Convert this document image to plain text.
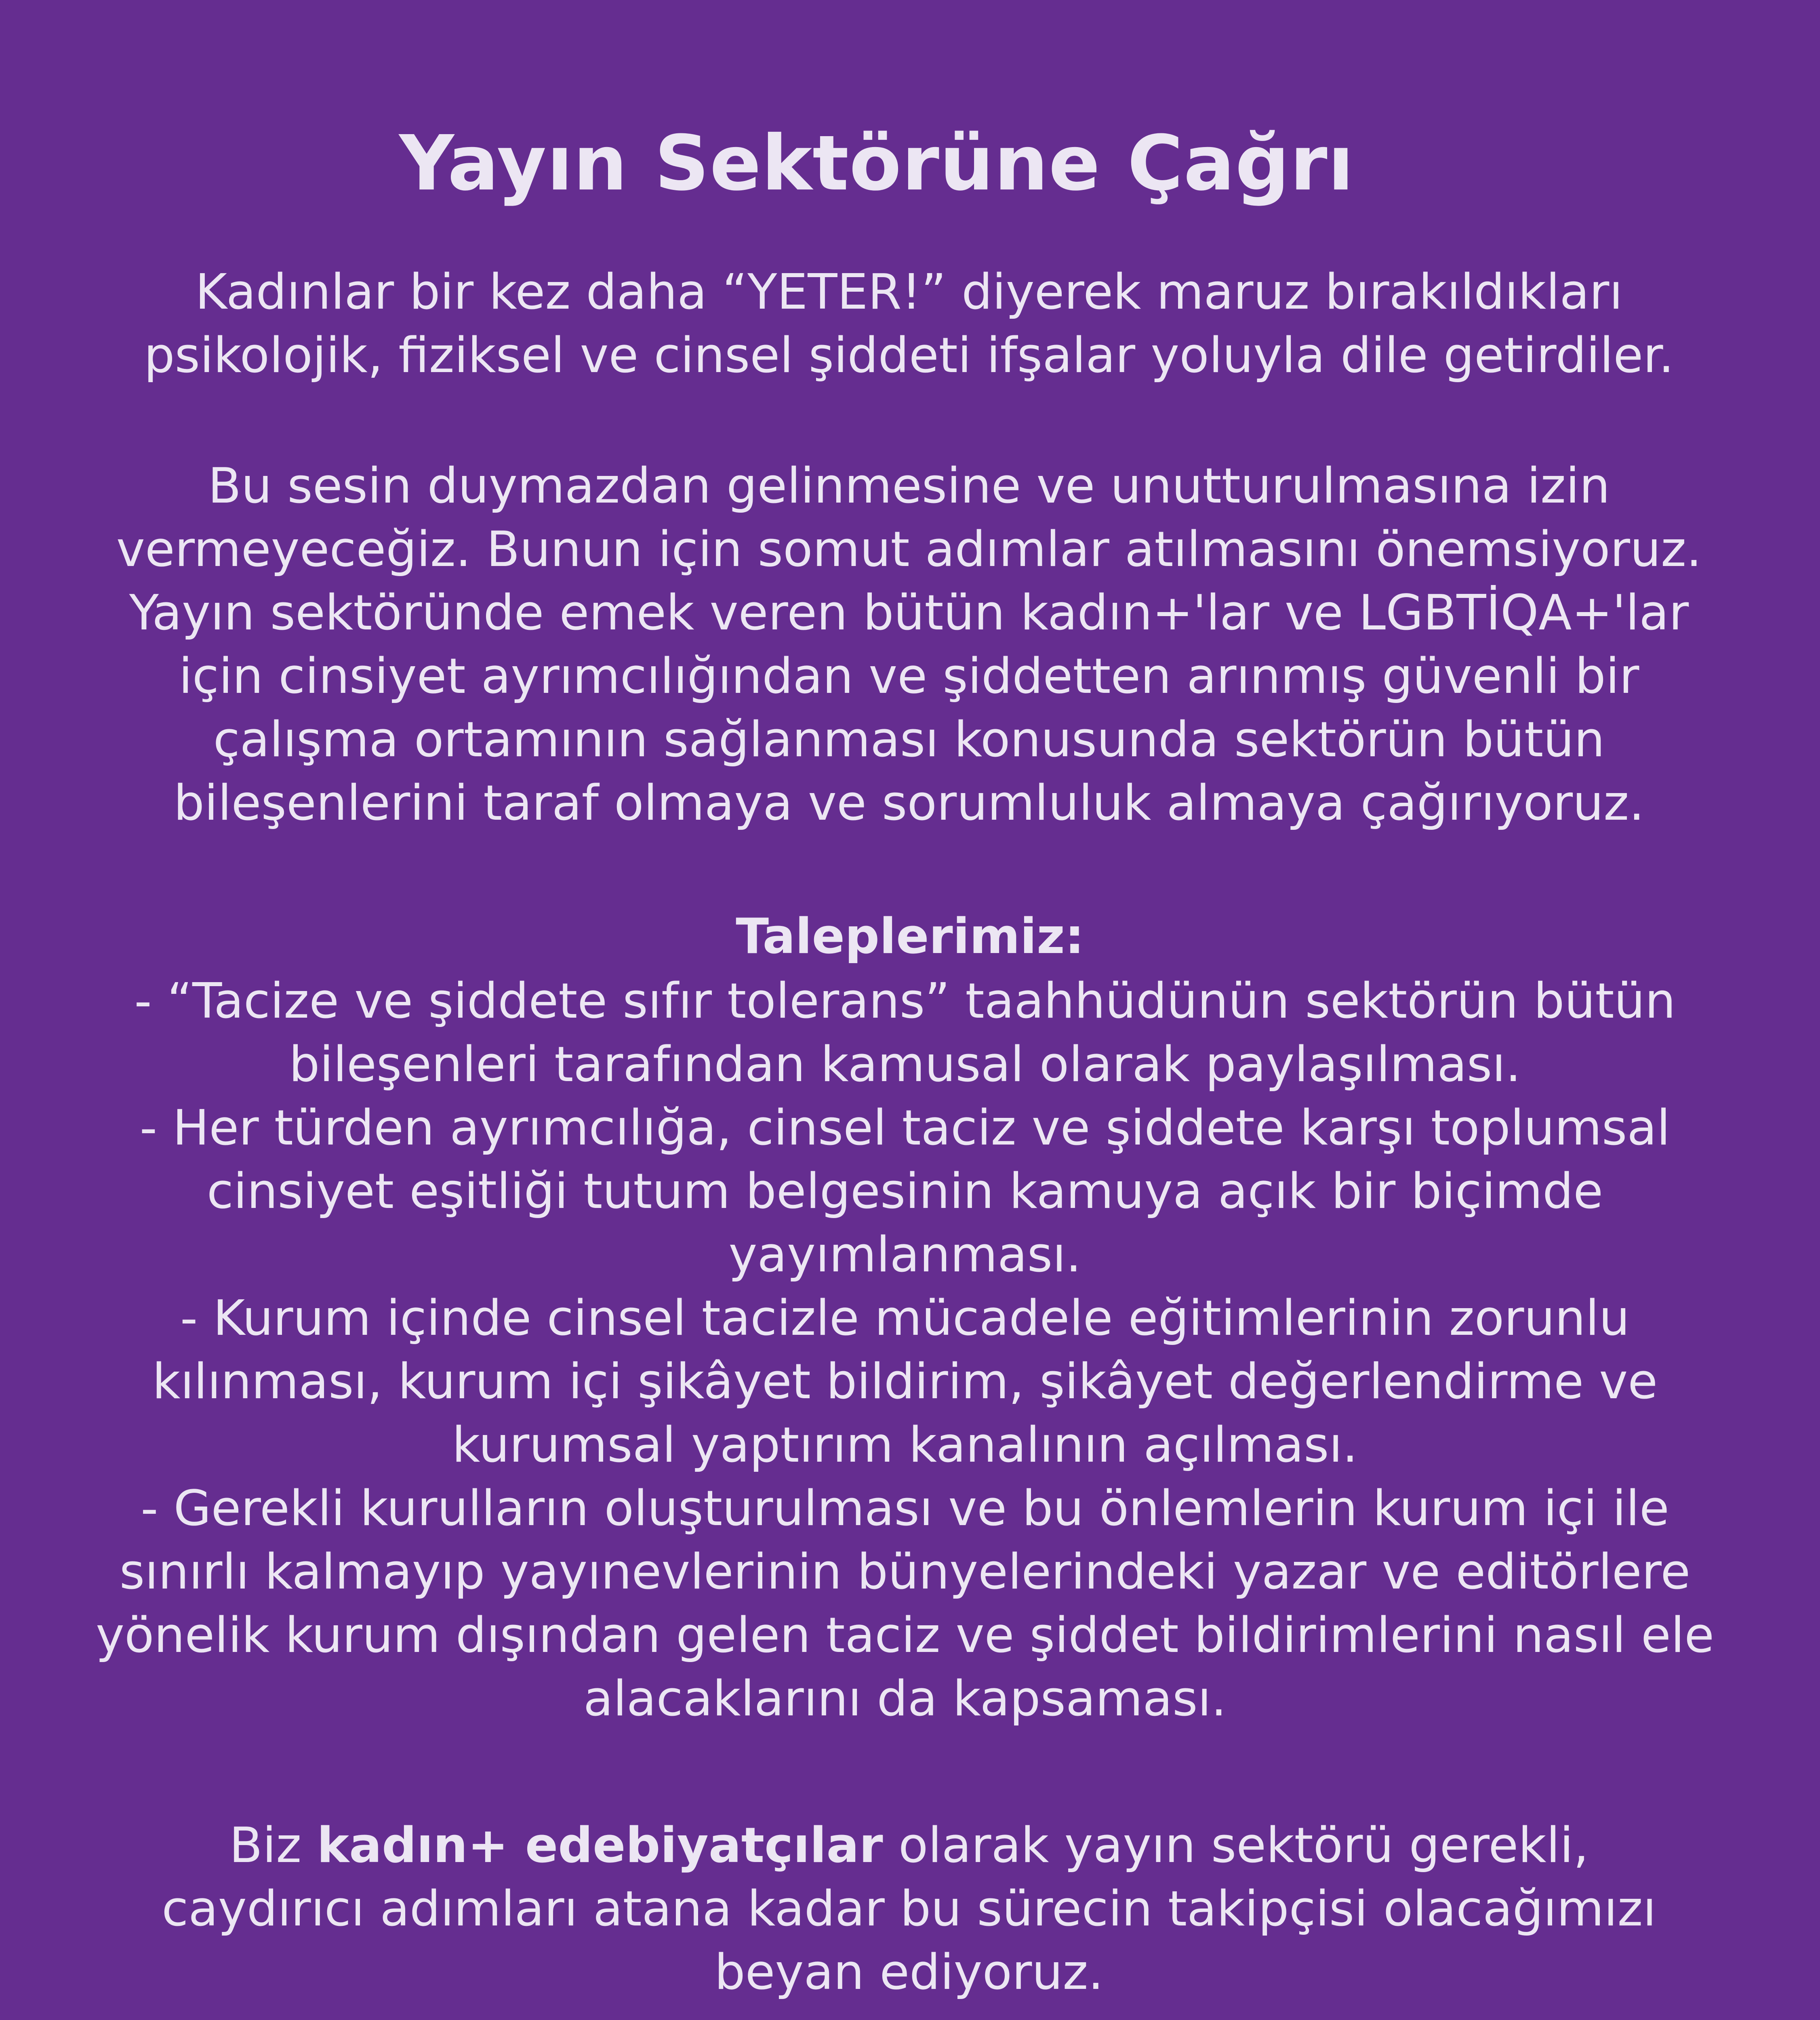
Yayın Sektörüne Çağrı

Kadınlar bir kez daha “YETER!” diyerek maruz bırakıldıkları
psikolojik, fiziksel ve cinsel şiddeti ifşalar yoluyla dile getirdiler.

Bu sesin duymazdan gelinmesine ve unutturulmasına izin
vermeyeceğiz. Bunun için somut adımlar atılmasını önemsiyoruz.
Yayın sektöründe emek veren bütün kadın+'lar ve LGBTİQA+'lar
için cinsiyet ayrımcılığından ve şiddetten arınmış güvenli bir
çalışma ortamının sağlanması konusunda sektörün bütün
bileşenlerini taraf olmaya ve sorumluluk almaya çağırıyoruz.

Taleplerimiz:
- “Tacize ve şiddete sıfır tolerans” taahhüdünün sektörün bütün
bileşenleri tarafından kamusal olarak paylaşılması.
- Her türden ayrımcılığa, cinsel taciz ve şiddete karşı toplumsal
cinsiyet eşitliği tutum belgesinin kamuya açık bir biçimde
yayımlanması.
- Kurum içinde cinsel tacizle mücadele eğitimlerinin zorunlu
kılınması, kurum içi şikâyet bildirim, şikâyet değerlendirme ve
kurumsal yaptırım kanalının açılması.
- Gerekli kurulların oluşturulması ve bu önlemlerin kurum içi ile
sınırlı kalmayıp yayınevlerinin bünyelerindeki yazar ve editörlere
yönelik kurum dışından gelen taciz ve şiddet bildirimlerini nasıl ele
alacaklarını da kapsaması.

Biz kadın+ edebiyatçılar olarak yayın sektörü gerekli,
caydırıcı adımları atana kadar bu sürecin takipçisi olacağımızı
beyan ediyoruz.
